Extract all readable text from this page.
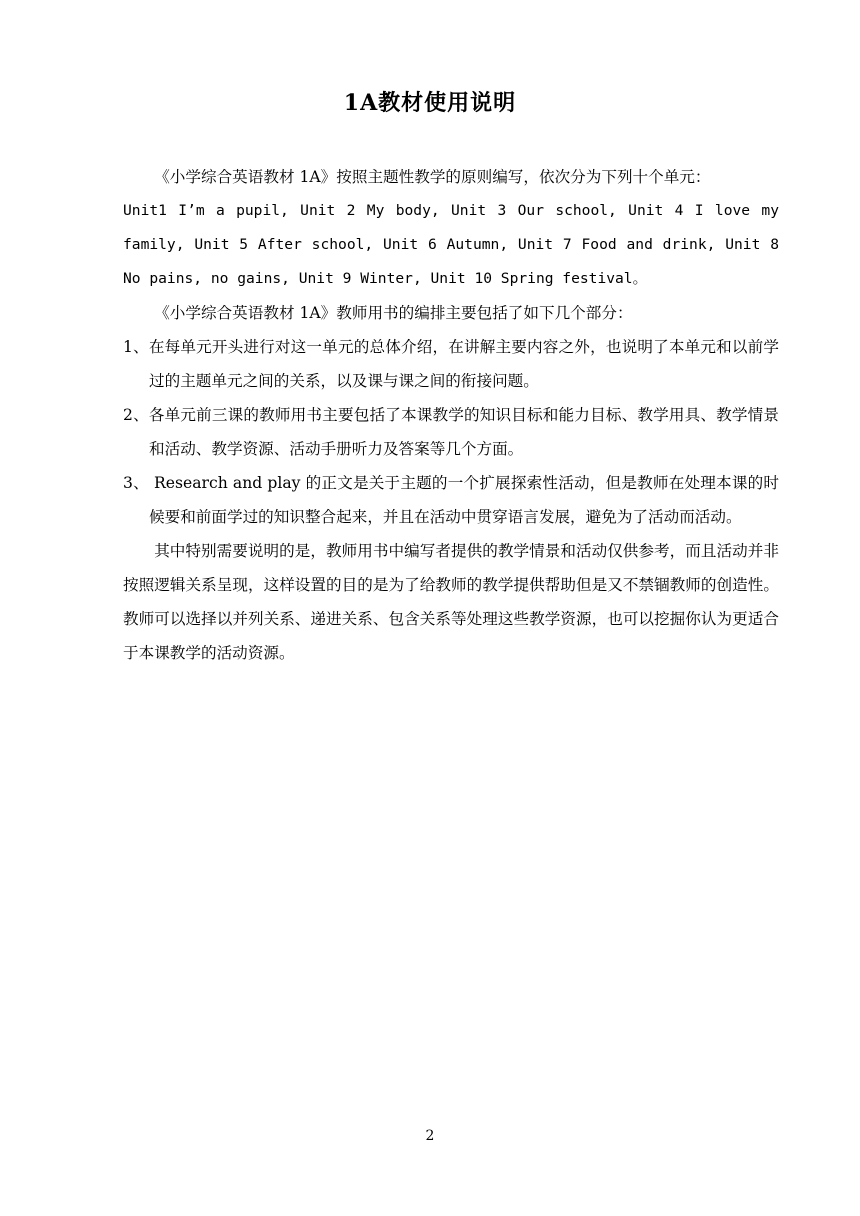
1A教材使用说明

《小学综合英语教材 1A》按照主题性教学的原则编写，依次分为下列十个单元：

Unit1 I’m a pupil, Unit 2 My body, Unit 3 Our school, Unit 4 I love my family, Unit 5 After school, Unit 6 Autumn, Unit 7 Food and drink, Unit 8 No pains, no gains, Unit 9 Winter, Unit 10 Spring festival。

《小学综合英语教材 1A》教师用书的编排主要包括了如下几个部分：

1、在每单元开头进行对这一单元的总体介绍，在讲解主要内容之外，也说明了本单元和以前学过的主题单元之间的关系，以及课与课之间的衔接问题。

2、各单元前三课的教师用书主要包括了本课教学的知识目标和能力目标、教学用具、教学情景和活动、教学资源、活动手册听力及答案等几个方面。

3、 Research and play 的正文是关于主题的一个扩展探索性活动，但是教师在处理本课的时候要和前面学过的知识整合起来，并且在活动中贯穿语言发展，避免为了活动而活动。

其中特别需要说明的是，教师用书中编写者提供的教学情景和活动仅供参考，而且活动并非按照逻辑关系呈现，这样设置的目的是为了给教师的教学提供帮助但是又不禁锢教师的创造性。教师可以选择以并列关系、递进关系、包含关系等处理这些教学资源，也可以挖掘你认为更适合于本课教学的活动资源。

2
